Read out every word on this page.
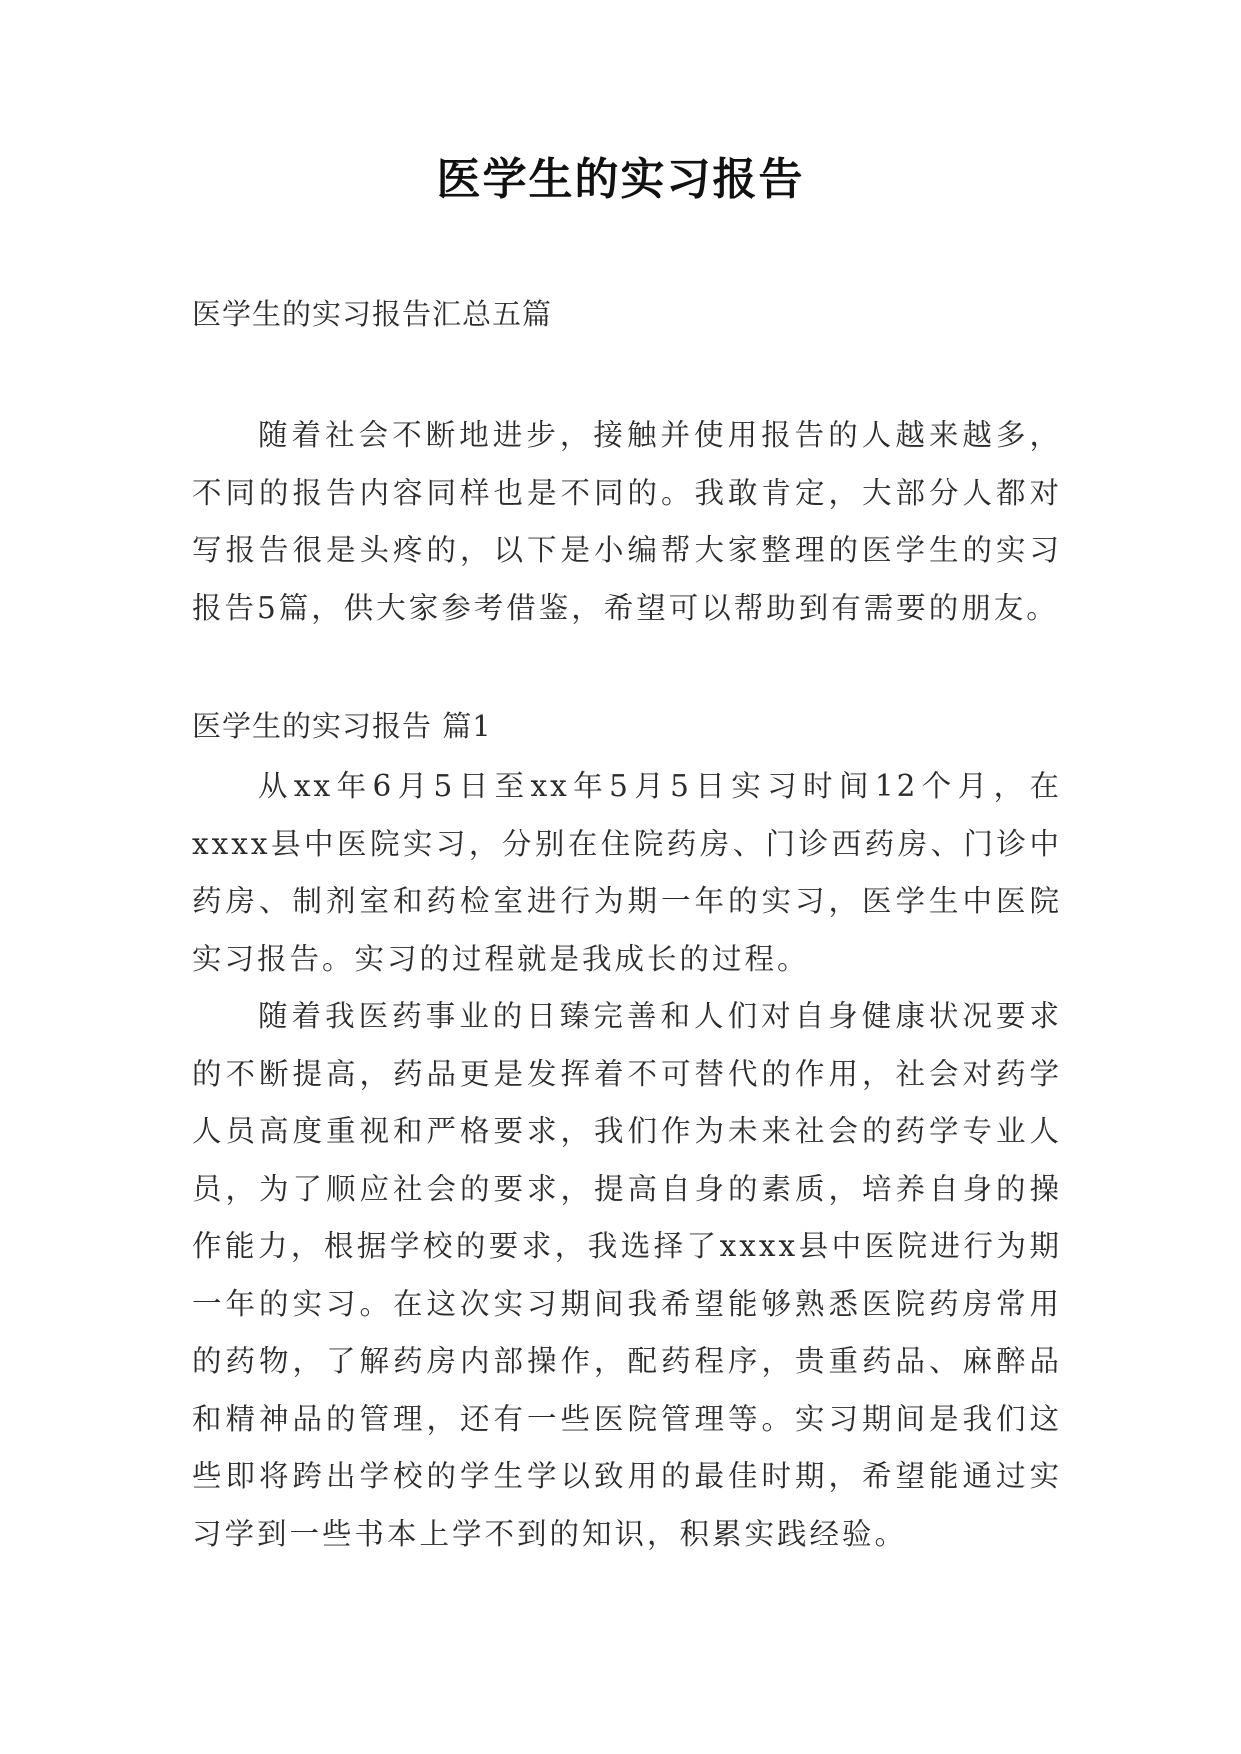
医学生的实习报告

医学生的实习报告汇总五篇

随着社会不断地进步，接触并使用报告的人越来越多，不同的报告内容同样也是不同的。我敢肯定，大部分人都对写报告很是头疼的，以下是小编帮大家整理的医学生的实习报告5篇，供大家参考借鉴，希望可以帮助到有需要的朋友。

医学生的实习报告 篇1

从xx年6月5日至xx年5月5日实习时间12个月，在xxxx县中医院实习，分别在住院药房、门诊西药房、门诊中药房、制剂室和药检室进行为期一年的实习，医学生中医院实习报告。实习的过程就是我成长的过程。

随着我医药事业的日臻完善和人们对自身健康状况要求的不断提高，药品更是发挥着不可替代的作用，社会对药学人员高度重视和严格要求，我们作为未来社会的药学专业人员，为了顺应社会的要求，提高自身的素质，培养自身的操作能力，根据学校的要求，我选择了xxxx县中医院进行为期一年的实习。在这次实习期间我希望能够熟悉医院药房常用的药物，了解药房内部操作，配药程序，贵重药品、麻醉品和精神品的管理，还有一些医院管理等。实习期间是我们这些即将跨出学校的学生学以致用的最佳时期，希望能通过实习学到一些书本上学不到的知识，积累实践经验。
